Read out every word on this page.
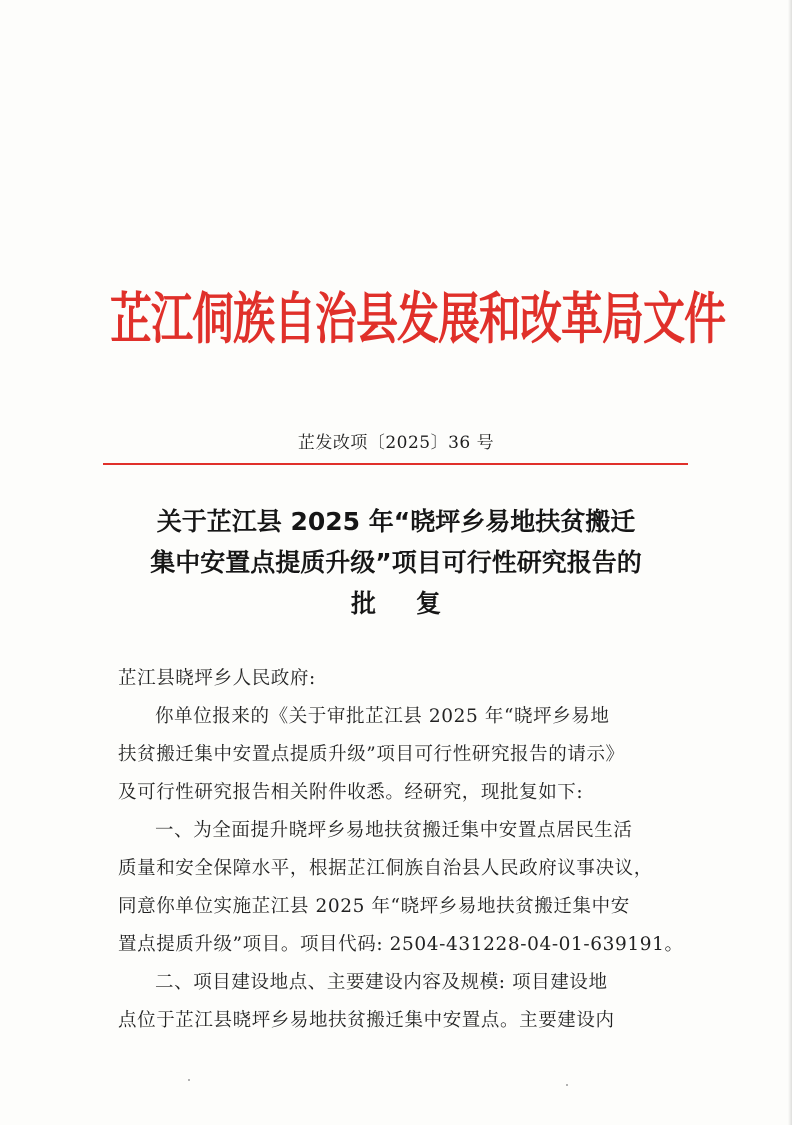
芷江侗族自治县发展和改革局文件
芷发改项〔2025〕36 号
关于芷江县 2025 年“晓坪乡易地扶贫搬迁
集中安置点提质升级”项目可行性研究报告的
批复
芷江县晓坪乡人民政府:
你单位报来的《关于审批芷江县 2025 年“晓坪乡易地
扶贫搬迁集中安置点提质升级”项目可行性研究报告的请示》
及可行性研究报告相关附件收悉。经研究，现批复如下:
一、为全面提升晓坪乡易地扶贫搬迁集中安置点居民生活
质量和安全保障水平，根据芷江侗族自治县人民政府议事决议，
同意你单位实施芷江县 2025 年“晓坪乡易地扶贫搬迁集中安
置点提质升级”项目。项目代码: 2504-431228-04-01-639191。
二、项目建设地点、主要建设内容及规模: 项目建设地
点位于芷江县晓坪乡易地扶贫搬迁集中安置点。主要建设内
